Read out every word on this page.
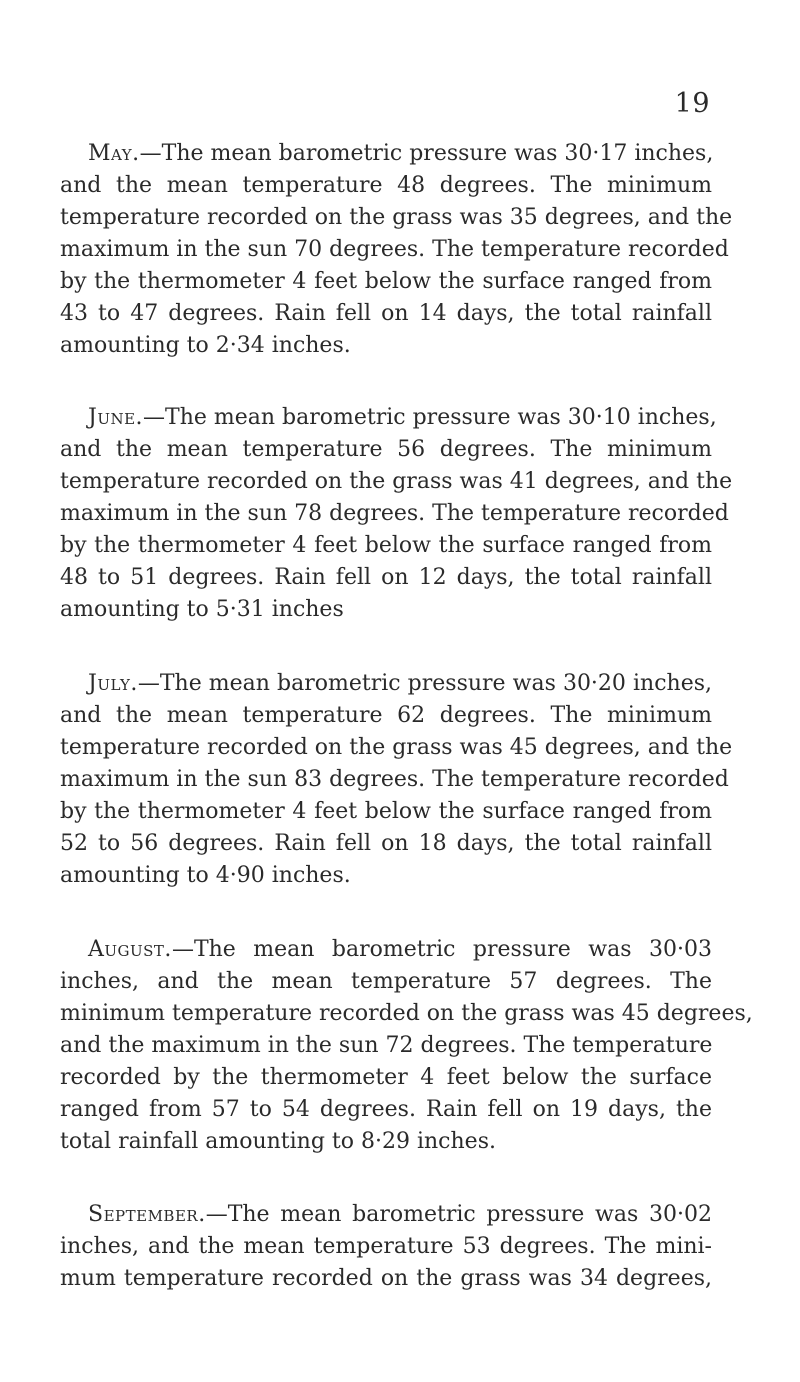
19
May.—The mean barometric pressure was 30·17 inches,
and the mean temperature 48 degrees. The minimum
temperature recorded on the grass was 35 degrees, and the
maximum in the sun 70 degrees. The temperature recorded
by the thermometer 4 feet below the surface ranged from
43 to 47 degrees. Rain fell on 14 days, the total rainfall
amounting to 2·34 inches.
June.—The mean barometric pressure was 30·10 inches,
and the mean temperature 56 degrees. The minimum
temperature recorded on the grass was 41 degrees, and the
maximum in the sun 78 degrees. The temperature recorded
by the thermometer 4 feet below the surface ranged from
48 to 51 degrees. Rain fell on 12 days, the total rainfall
amounting to 5·31 inches
July.—The mean barometric pressure was 30·20 inches,
and the mean temperature 62 degrees. The minimum
temperature recorded on the grass was 45 degrees, and the
maximum in the sun 83 degrees. The temperature recorded
by the thermometer 4 feet below the surface ranged from
52 to 56 degrees. Rain fell on 18 days, the total rainfall
amounting to 4·90 inches.
August.—The mean barometric pressure was 30·03
inches, and the mean temperature 57 degrees. The
minimum temperature recorded on the grass was 45 degrees,
and the maximum in the sun 72 degrees. The temperature
recorded by the thermometer 4 feet below the surface
ranged from 57 to 54 degrees. Rain fell on 19 days, the
total rainfall amounting to 8·29 inches.
September.—The mean barometric pressure was 30·02
inches, and the mean temperature 53 degrees. The mini-
mum temperature recorded on the grass was 34 degrees,
